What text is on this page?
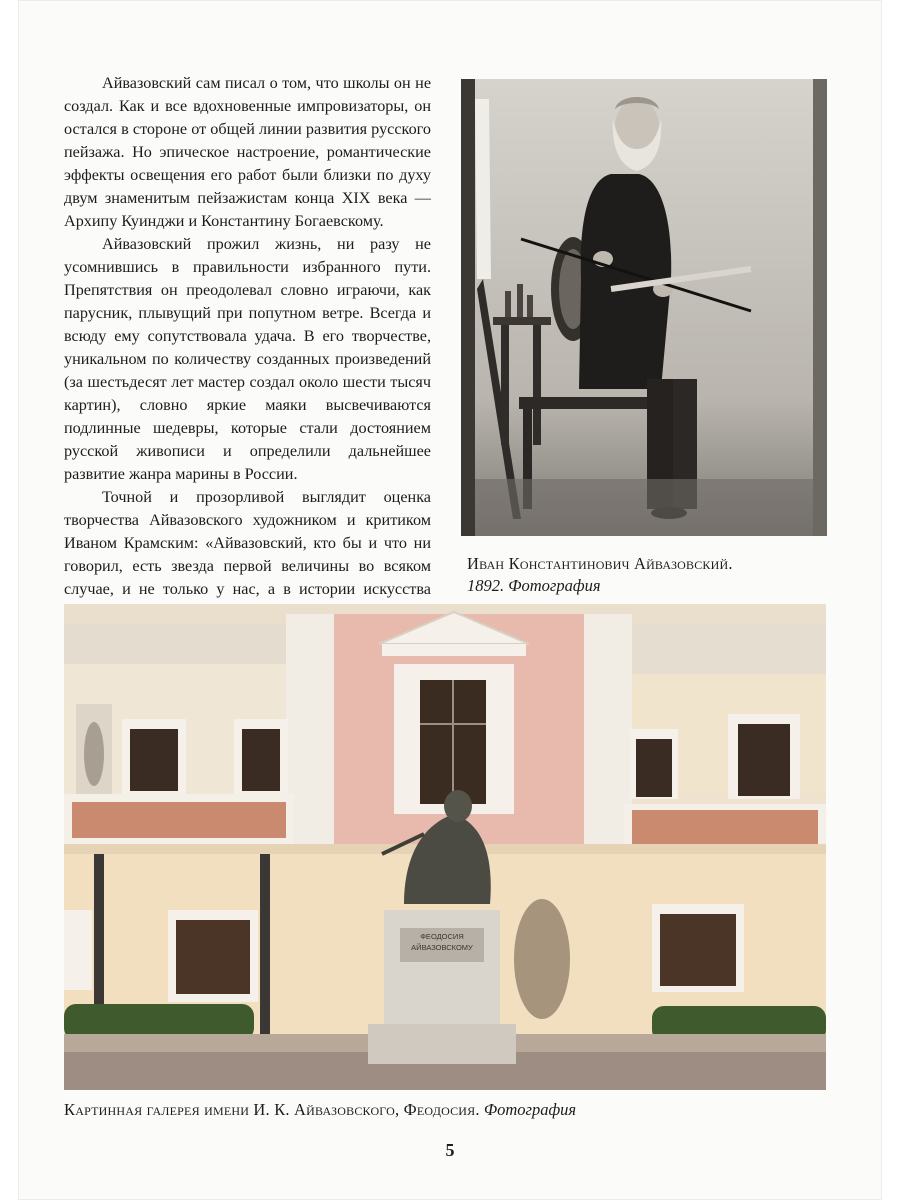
Айвазовский сам писал о том, что школы он не создал. Как и все вдохновенные импровизаторы, он остался в стороне от общей линии развития русского пейзажа. Но эпическое настроение, романтические эффекты освещения его работ были близки по духу двум знаменитым пейзажистам конца XIX века — Архипу Куинджи и Константину Богаевскому.

Айвазовский прожил жизнь, ни разу не усомнившись в правильности избранного пути. Препятствия он преодолевал словно играючи, как парусник, плывущий при попутном ветре. Всегда и всюду ему сопутствовала удача. В его творчестве, уникальном по количеству созданных произведений (за шестьдесят лет мастер создал около шести тысяч картин), словно яркие маяки высвечиваются подлинные шедевры, которые стали достоянием русской живописи и определили дальнейшее развитие жанра марины в России.

Точной и прозорливой выглядит оценка творчества Айвазовского художником и критиком Иваном Крамским: «Айвазовский, кто бы и что ни говорил, есть звезда первой величины во всяком случае, и не только у нас, а в истории искусства

Иван Константинович Айвазовский.
1892. Фотография
ФЕОДОСИЯ
АЙВАЗОВСКОМУ
Картинная галерея имени И. К. Айвазовского, Феодосия. Фотография
5
